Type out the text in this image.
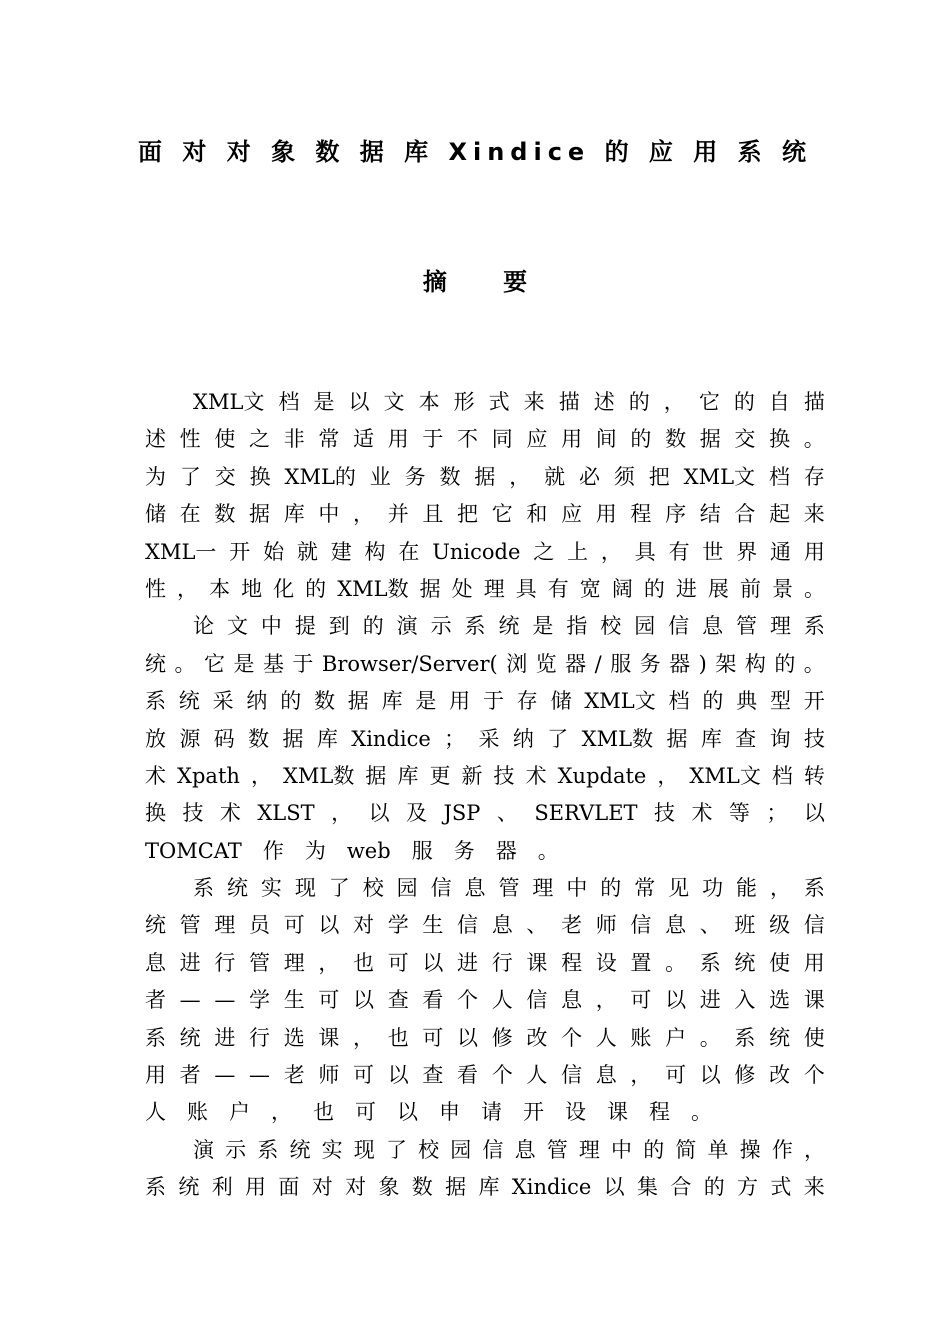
面 对 对 象 数 据 库 Xindice 的 应 用 系 统
摘 要
XML文 档 是 以 文 本 形 式 来 描 述 的 ， 它 的 自 描
述 性 使 之 非 常 适 用 于 不 同 应 用 间 的 数 据 交 换 。
为 了 交 换 XML的 业 务 数 据 ， 就 必 须 把 XML文 档 存
储 在 数 据 库 中 ， 并 且 把 它 和 应 用 程 序 结 合 起 来
XML一 开 始 就 建 构 在 Unicode 之 上 ， 具 有 世 界 通 用
性 ， 本 地 化 的 XML数 据 处 理 具 有 宽 阔 的 进 展 前 景 。
论 文 中 提 到 的 演 示 系 统 是 指 校 园 信 息 管 理 系
统 。 它 是 基 于 Browser/Server( 浏 览 器 / 服 务 器 ) 架 构 的 。
系 统 采 纳 的 数 据 库 是 用 于 存 储 XML文 档 的 典 型 开
放 源 码 数 据 库 Xindice ； 采 纳 了 XML数 据 库 查 询 技
术 Xpath ， XML数 据 库 更 新 技 术 Xupdate ， XML文 档 转
换 技 术 XLST ， 以 及 JSP 、 SERVLET 技 术 等 ； 以
TOMCAT 作 为 web 服 务 器 。
系 统 实 现 了 校 园 信 息 管 理 中 的 常 见 功 能 ， 系
统 管 理 员 可 以 对 学 生 信 息 、 老 师 信 息 、 班 级 信
息 进 行 管 理 ， 也 可 以 进 行 课 程 设 置 。 系 统 使 用
者 — — 学 生 可 以 查 看 个 人 信 息 ， 可 以 进 入 选 课
系 统 进 行 选 课 ， 也 可 以 修 改 个 人 账 户 。 系 统 使
用 者 — — 老 师 可 以 查 看 个 人 信 息 ， 可 以 修 改 个
人 账 户 ， 也 可 以 申 请 开 设 课 程 。
演 示 系 统 实 现 了 校 园 信 息 管 理 中 的 简 单 操 作 ，
系 统 利 用 面 对 对 象 数 据 库 Xindice 以 集 合 的 方 式 来
